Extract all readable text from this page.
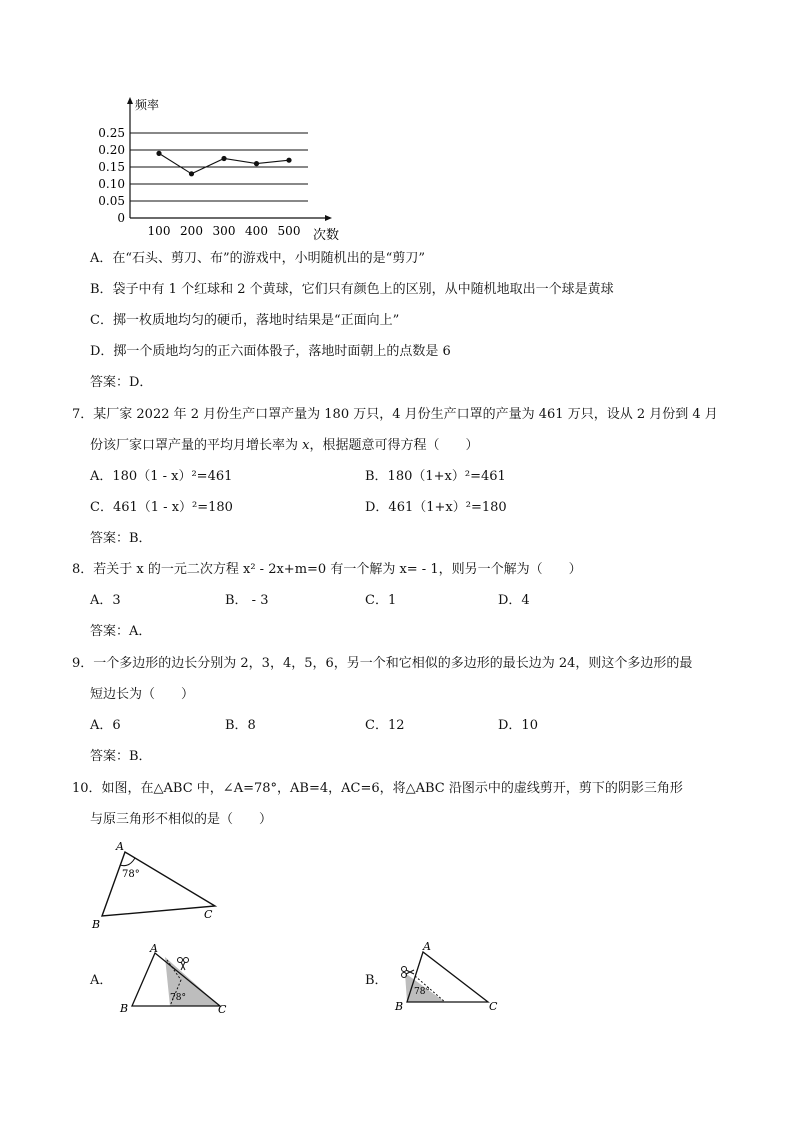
0.25
0.20
0.15
0.10
0.05
0
100 200 300 400 500
频率
次数
A．在“石头、剪刀、布”的游戏中，小明随机出的是“剪刀”
B．袋子中有 1 个红球和 2 个黄球，它们只有颜色上的区别，从中随机地取出一个球是黄球
C．掷一枚质地均匀的硬币，落地时结果是“正面向上”
D．掷一个质地均匀的正六面体骰子，落地时面朝上的点数是 6
答案：D．
7．某厂家 2022 年 2 月份生产口罩产量为 180 万只，4 月份生产口罩的产量为 461 万只，设从 2 月份到 4 月
份该厂家口罩产量的平均月增长率为 x，根据题意可得方程（　　）
A．180（1 - x）²=461	B．180（1+x）²=461
C．461（1 - x）²=180	D．461（1+x）²=180
答案：B．
8．若关于 x 的一元二次方程 x² - 2x+m=0 有一个解为 x= - 1，则另一个解为（　　）
A．3	B． - 3	C．1	D．4
答案：A．
9．一个多边形的边长分别为 2，3，4，5，6，另一个和它相似的多边形的最长边为 24，则这个多边形的最
短边长为（　　）
A．6	B．8	C．12	D．10
答案：B．
10．如图，在△ABC 中，∠A=78°，AB=4，AC=6，将△ABC 沿图示中的虚线剪开，剪下的阴影三角形
与原三角形不相似的是（　　）
A
B
C
78°
A．
A
B	C
78°
B．
A
B	C
78°
